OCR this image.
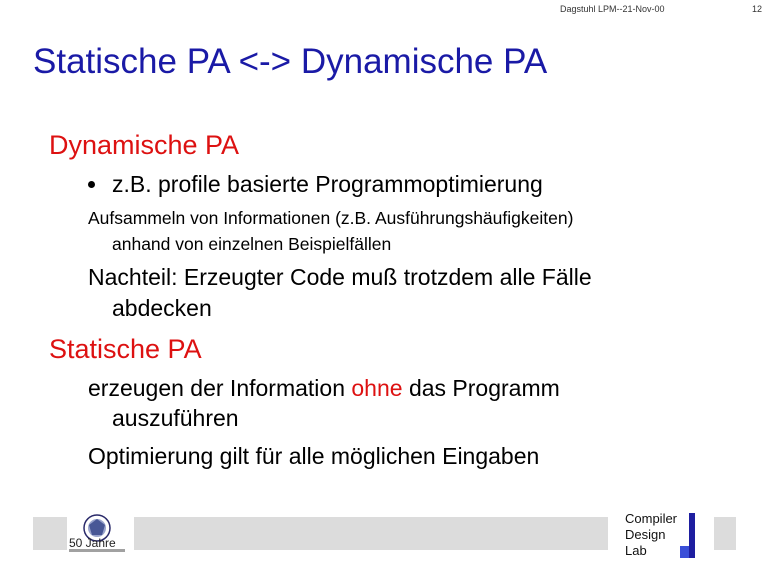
Dagstuhl LPM--21-Nov-00	12
Statische PA <-> Dynamische PA
Dynamische PA
z.B. profile basierte Programmoptimierung
Aufsammeln von Informationen (z.B. Ausführungshäufigkeiten)
anhand von einzelnen Beispielfällen
Nachteil: Erzeugter Code muß trotzdem alle Fälle
abdecken
Statische PA
erzeugen der Information ohne das Programm
auszuführen
Optimierung gilt für alle möglichen Eingaben
50 Jahre
Compiler
Design
Lab
